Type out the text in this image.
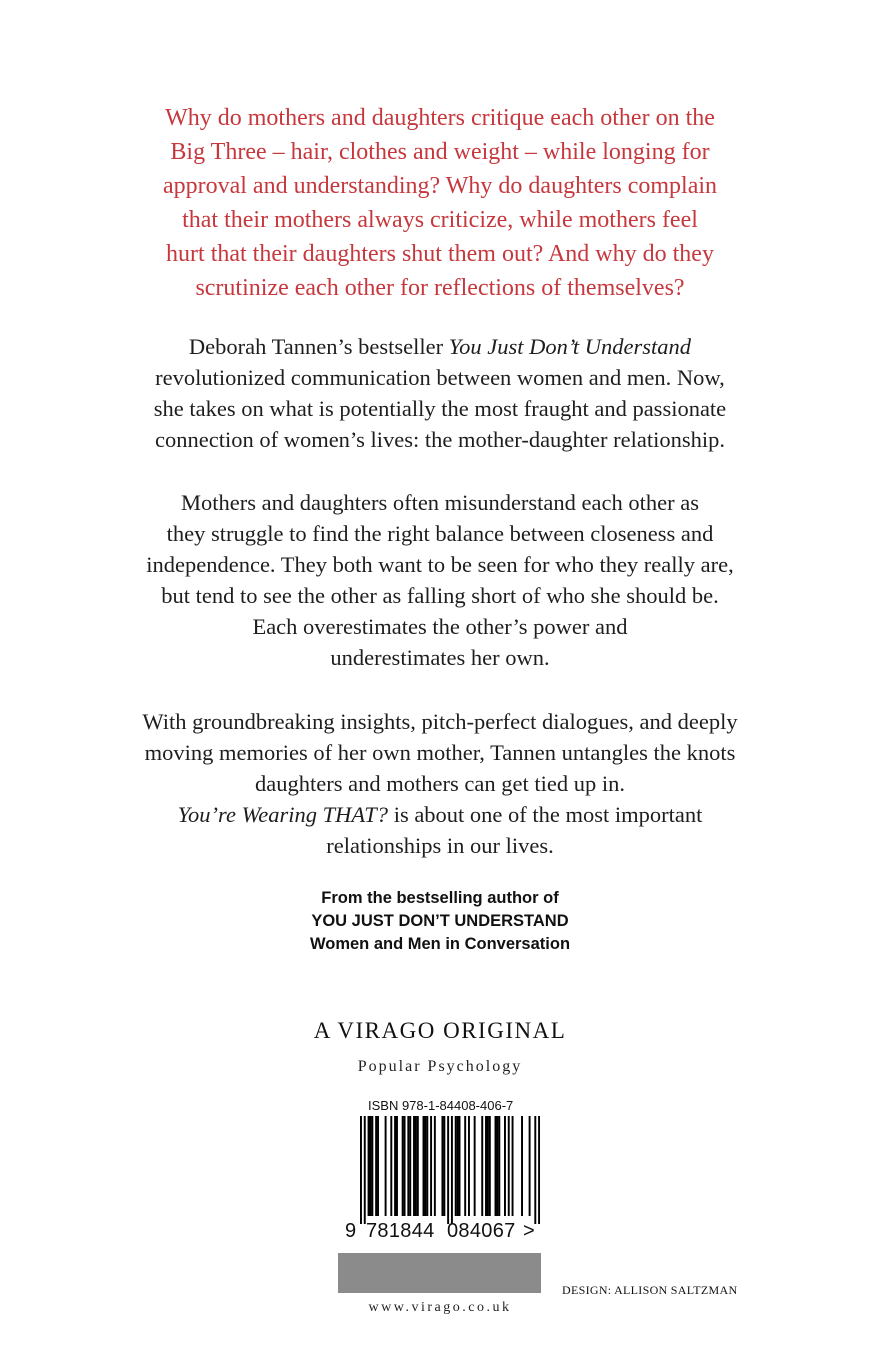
Why do mothers and daughters critique each other on the
Big Three – hair, clothes and weight – while longing for
approval and understanding? Why do daughters complain
that their mothers always criticize, while mothers feel
hurt that their daughters shut them out? And why do they
scrutinize each other for reflections of themselves?
Deborah Tannen’s bestseller You Just Don’t Understand
revolutionized communication between women and men. Now,
she takes on what is potentially the most fraught and passionate
connection of women’s lives: the mother-daughter relationship.
Mothers and daughters often misunderstand each other as
they struggle to find the right balance between closeness and
independence. They both want to be seen for who they really are,
but tend to see the other as falling short of who she should be.
Each overestimates the other’s power and
underestimates her own.
With groundbreaking insights, pitch-perfect dialogues, and deeply
moving memories of her own mother, Tannen untangles the knots
daughters and mothers can get tied up in.
You’re Wearing THAT? is about one of the most important
relationships in our lives.
From the bestselling author of
YOU JUST DON’T UNDERSTAND
Women and Men in Conversation
A VIRAGO ORIGINAL
Popular Psychology
ISBN 978-1-84408-406-7
9 781844 084067 >
DESIGN: ALLISON SALTZMAN
www.virago.co.uk
